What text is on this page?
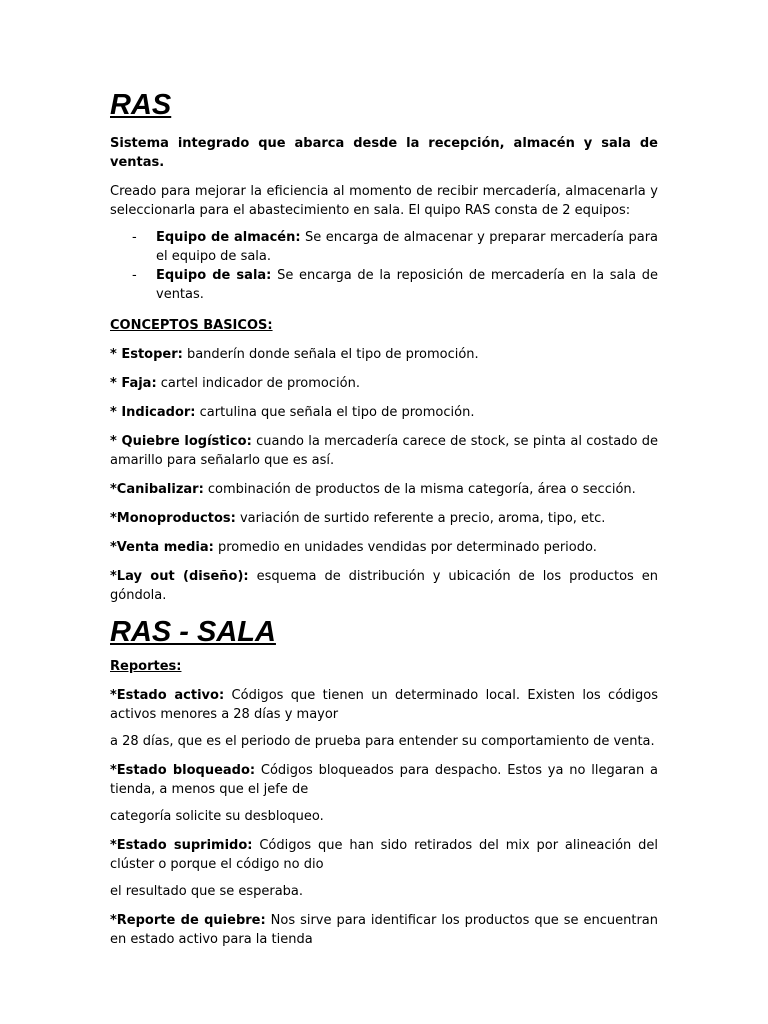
RAS

Sistema integrado que abarca desde la recepción, almacén y sala de ventas.

Creado para mejorar la eficiencia al momento de recibir mercadería, almacenarla y seleccionarla para el abastecimiento en sala. El quipo RAS consta de 2 equipos:

- Equipo de almacén: Se encarga de almacenar y preparar mercadería para el equipo de sala.
- Equipo de sala: Se encarga de la reposición de mercadería en la sala de ventas.

CONCEPTOS BASICOS:

* Estoper: banderín donde señala el tipo de promoción.

* Faja: cartel indicador de promoción.

* Indicador: cartulina que señala el tipo de promoción.

* Quiebre logístico: cuando la mercadería carece de stock, se pinta al costado de amarillo para señalarlo que es así.

*Canibalizar: combinación de productos de la misma categoría, área o sección.

*Monoproductos: variación de surtido referente a precio, aroma, tipo, etc.

*Venta media: promedio en unidades vendidas por determinado periodo.

*Lay out (diseño): esquema de distribución y ubicación de los productos en góndola.

RAS - SALA

Reportes:

*Estado activo: Códigos que tienen un determinado local. Existen los códigos activos menores a 28 días y mayor

a 28 días, que es el periodo de prueba para entender su comportamiento de venta.

*Estado bloqueado: Códigos bloqueados para despacho. Estos ya no llegaran a tienda, a menos que el jefe de

categoría solicite su desbloqueo.

*Estado suprimido: Códigos que han sido retirados del mix por alineación del clúster o porque el código no dio

el resultado que se esperaba.

*Reporte de quiebre: Nos sirve para identificar los productos que se encuentran en estado activo para la tienda
